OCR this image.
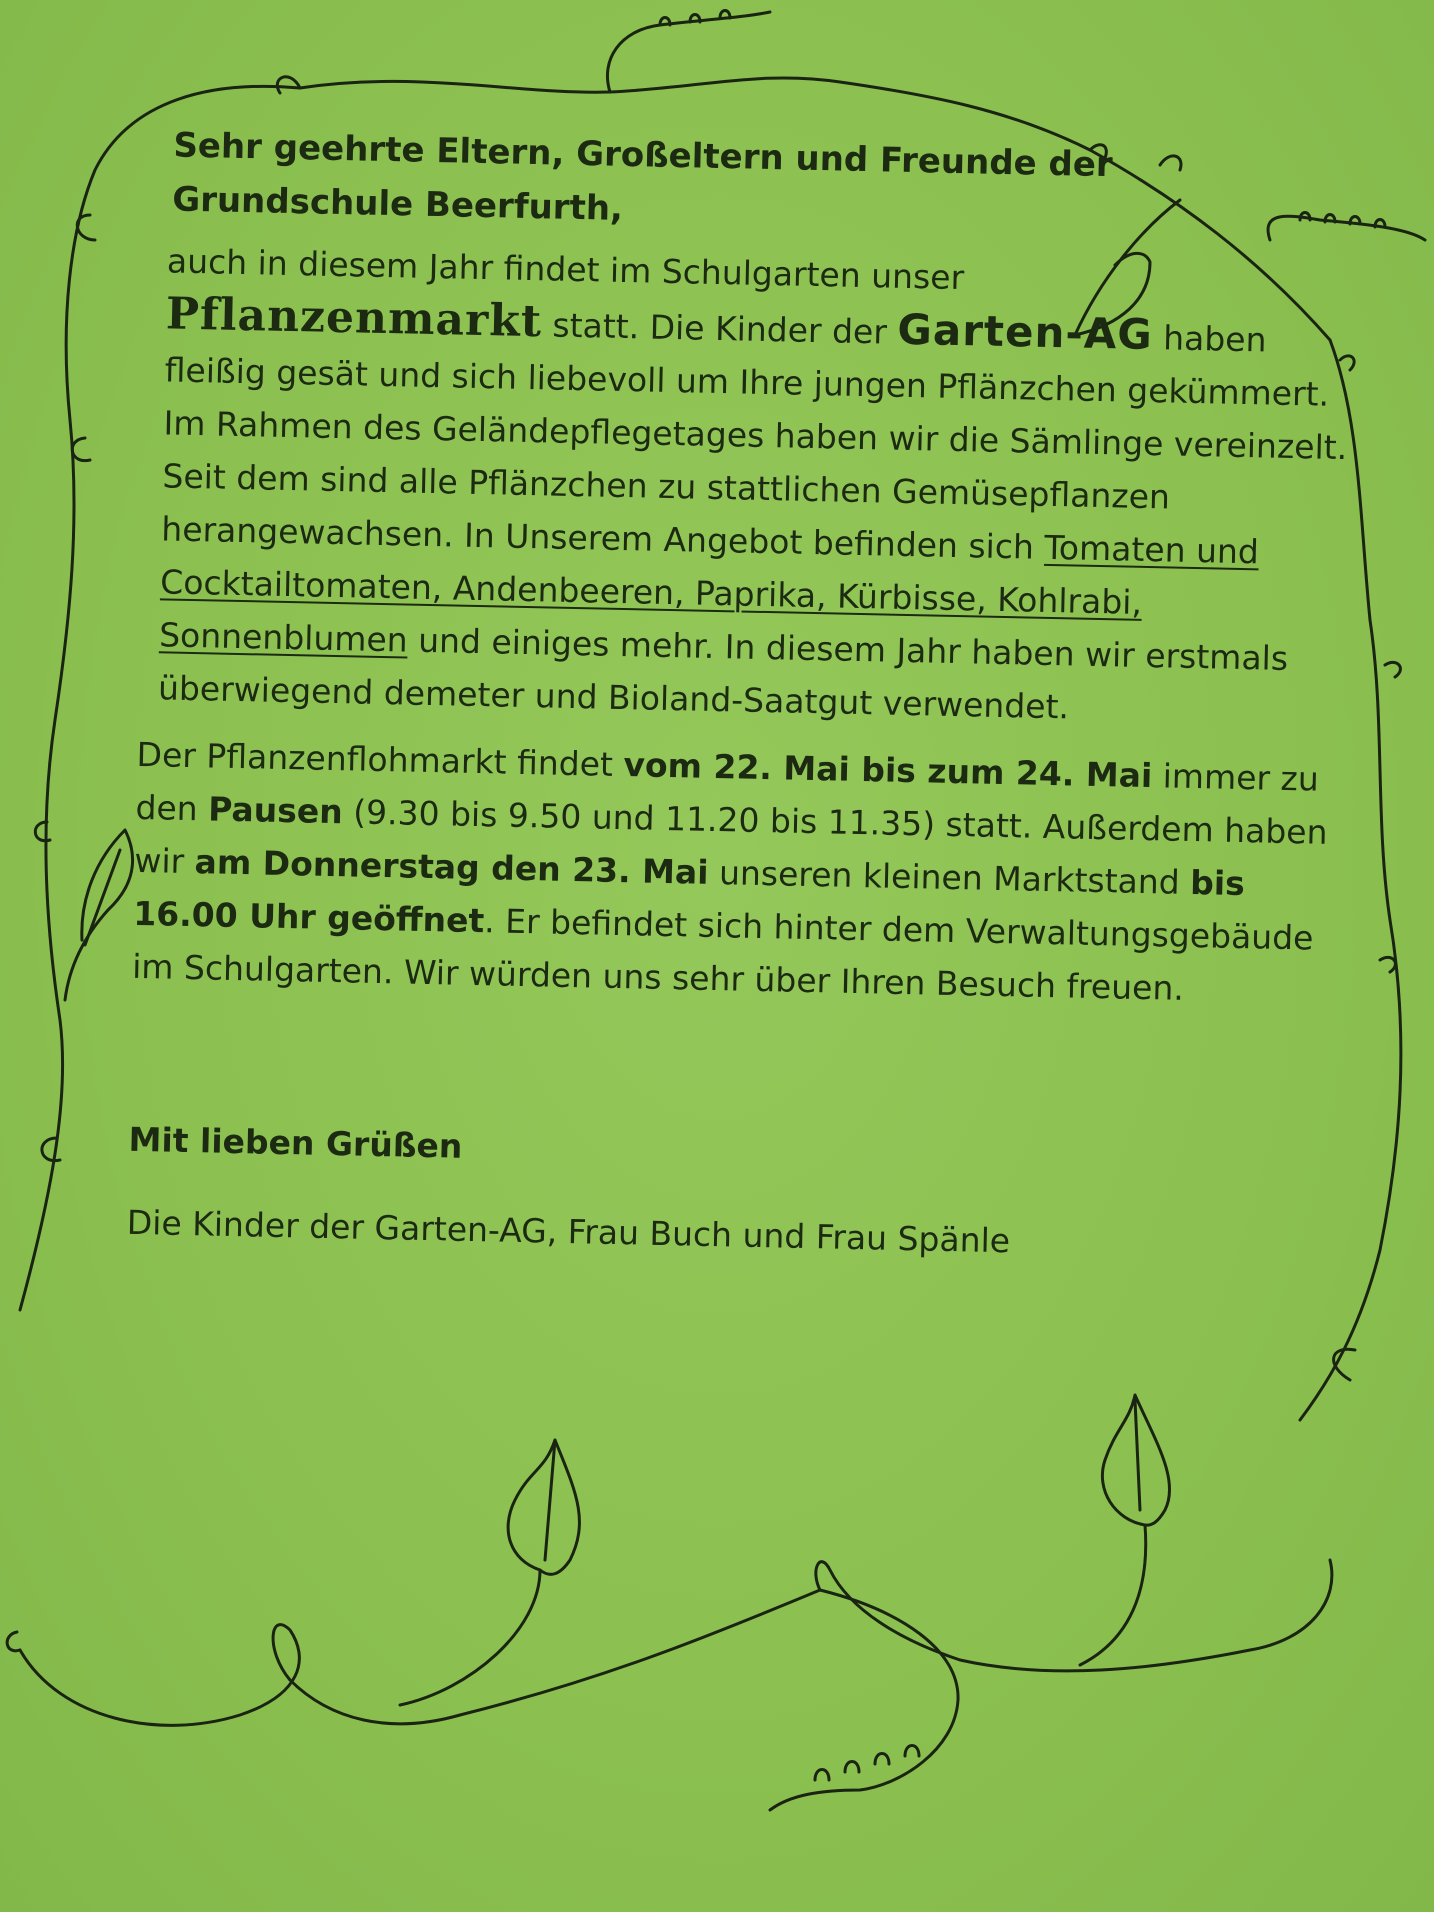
Sehr geehrte Eltern, Großeltern und Freunde der
Grundschule Beerfurth,
auch in diesem Jahr findet im Schulgarten unser
Pflanzenmarkt statt. Die Kinder der Garten-AG haben fleißig gesät und sich liebevoll um Ihre jungen Pflänzchen gekümmert. Im Rahmen des Geländepflegetages haben wir die Sämlinge vereinzelt. Seit dem sind alle Pflänzchen zu stattlichen Gemüsepflanzen herangewachsen. In Unserem Angebot befinden sich Tomaten und Cocktailtomaten, Andenbeeren, Paprika, Kürbisse, Kohlrabi, Sonnenblumen und einiges mehr. In diesem Jahr haben wir erstmals überwiegend demeter und Bioland-Saatgut verwendet.
Der Pflanzenflohmarkt findet vom 22. Mai bis zum 24. Mai immer zu den Pausen (9.30 bis 9.50 und 11.20 bis 11.35) statt. Außerdem haben wir am Donnerstag den 23. Mai unseren kleinen Marktstand bis 16.00 Uhr geöffnet. Er befindet sich hinter dem Verwaltungsgebäude im Schulgarten. Wir würden uns sehr über Ihren Besuch freuen.
Mit lieben Grüßen
Die Kinder der Garten-AG, Frau Buch und Frau Spänle
